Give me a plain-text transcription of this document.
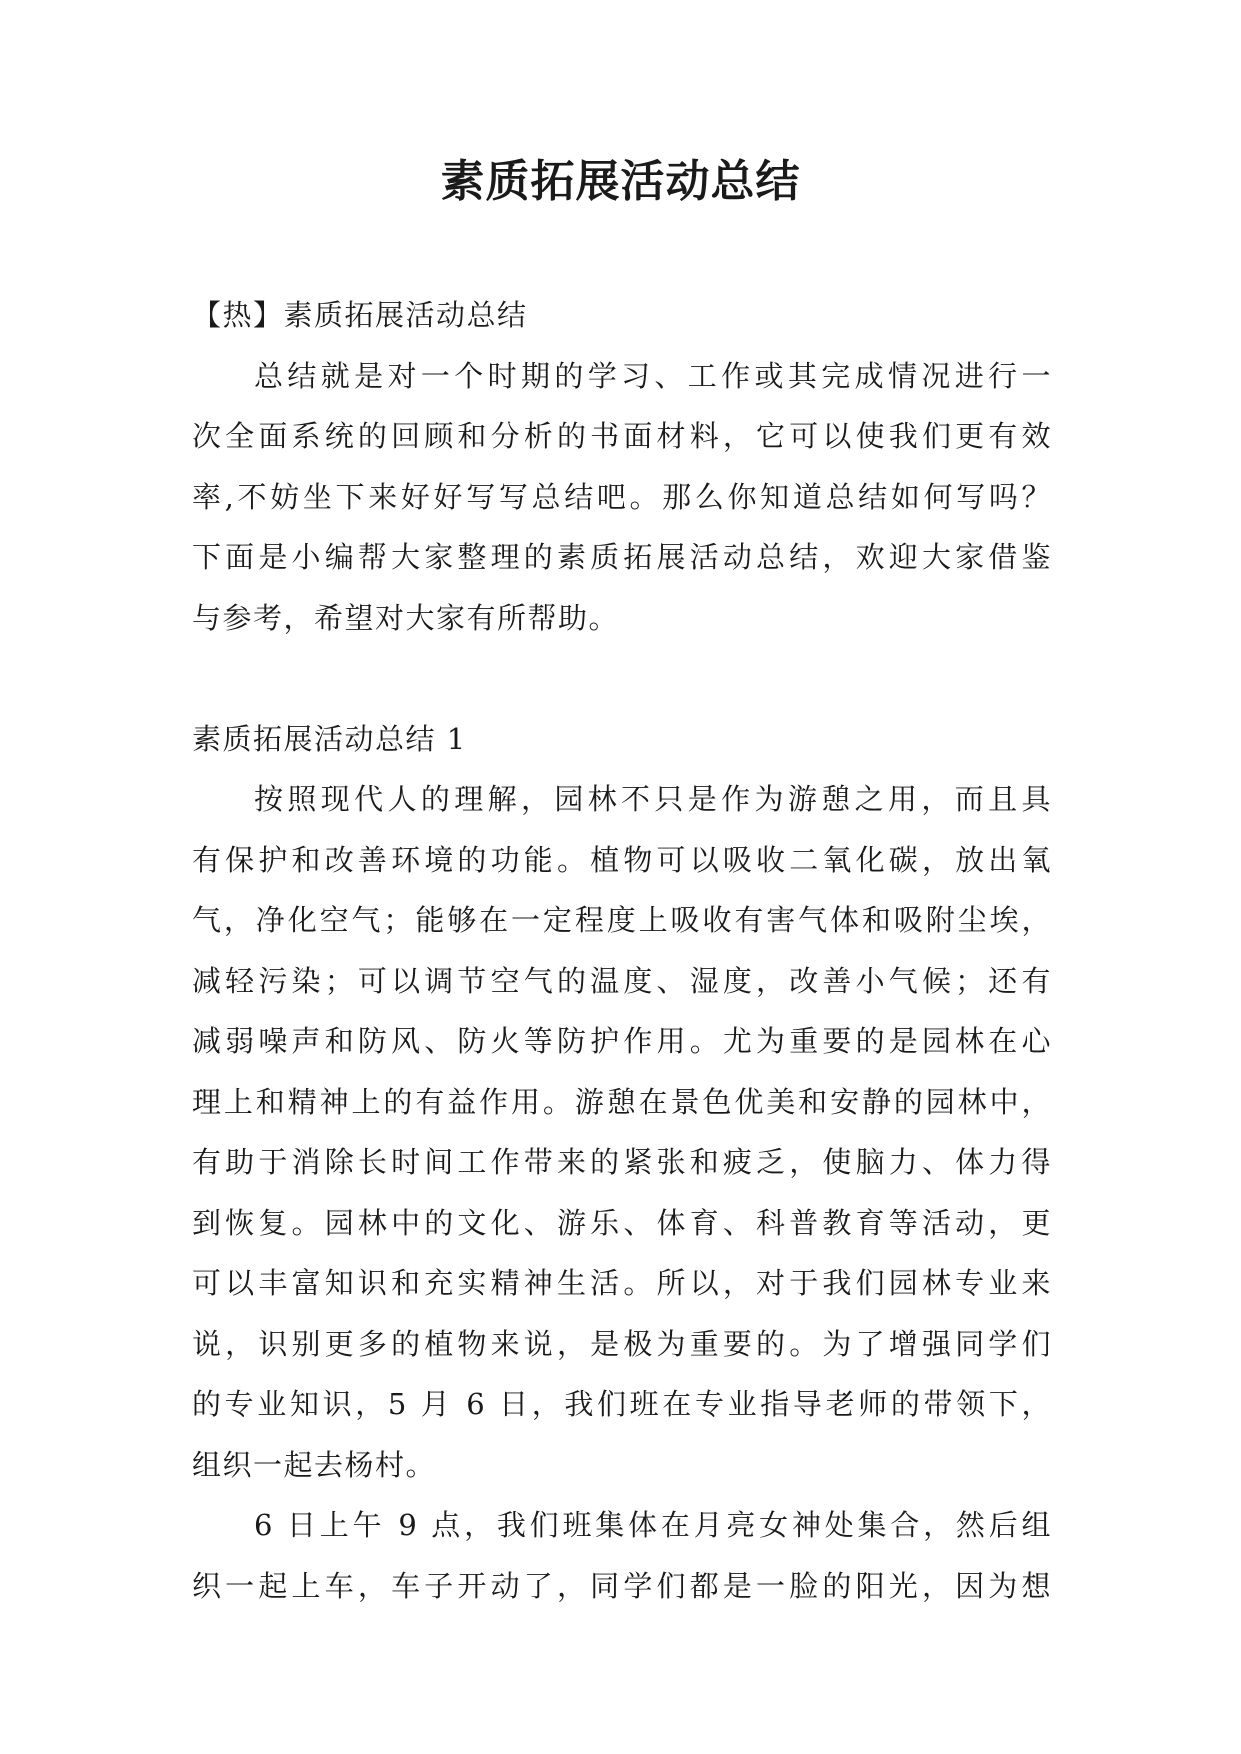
素质拓展活动总结
【热】素质拓展活动总结
总结就是对一个时期的学习、工作或其完成情况进行一
次全面系统的回顾和分析的书面材料，它可以使我们更有效
率,不妨坐下来好好写写总结吧。那么你知道总结如何写吗？
下面是小编帮大家整理的素质拓展活动总结，欢迎大家借鉴
与参考，希望对大家有所帮助。
素质拓展活动总结 1
按照现代人的理解，园林不只是作为游憩之用，而且具
有保护和改善环境的功能。植物可以吸收二氧化碳，放出氧
气，净化空气；能够在一定程度上吸收有害气体和吸附尘埃，
减轻污染；可以调节空气的温度、湿度，改善小气候；还有
减弱噪声和防风、防火等防护作用。尤为重要的是园林在心
理上和精神上的有益作用。游憩在景色优美和安静的园林中，
有助于消除长时间工作带来的紧张和疲乏，使脑力、体力得
到恢复。园林中的文化、游乐、体育、科普教育等活动，更
可以丰富知识和充实精神生活。所以，对于我们园林专业来
说，识别更多的植物来说，是极为重要的。为了增强同学们
的专业知识，5 月 6 日，我们班在专业指导老师的带领下，
组织一起去杨村。
6 日上午 9 点，我们班集体在月亮女神处集合，然后组
织一起上车，车子开动了，同学们都是一脸的阳光，因为想
